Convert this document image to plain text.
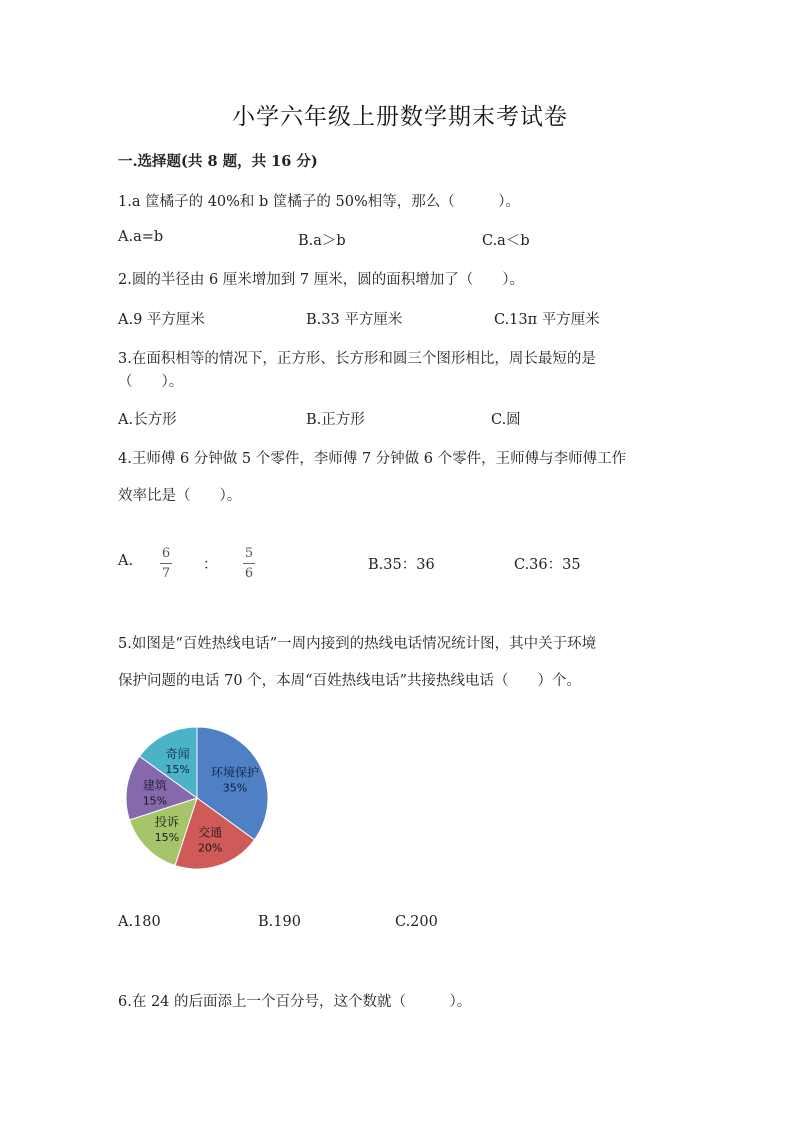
小学六年级上册数学期末考试卷
一.选择题(共 8 题，共 16 分)
1.a 筐橘子的 40%和 b 筐橘子的 50%相等，那么（　　　）。
A.a=b	B.a＞b	C.a＜b
2.圆的半径由 6 厘米增加到 7 厘米，圆的面积增加了（　　）。
A.9 平方厘米	B.33 平方厘米	C.13π 平方厘米
3.在面积相等的情况下，正方形、长方形和圆三个图形相比，周长最短的是
（　　）。
A.长方形	B.正方形	C.圆
4.王师傅 6 分钟做 5 个零件，李师傅 7 分钟做 6 个零件，王师傅与李师傅工作
效率比是（　　）。
A. 6
7
：
5
6
B.35：36	C.36：35
5.如图是“百姓热线电话”一周内接到的热线电话情况统计图，其中关于环境
保护问题的电话 70 个，本周“百姓热线电话”共接热线电话（　　）个。
环境保护
35%
交通
20%
投诉
15%
建筑
15%
奇闻
15%
A.180	B.190	C.200
6.在 24 的后面添上一个百分号，这个数就（　　　）。
